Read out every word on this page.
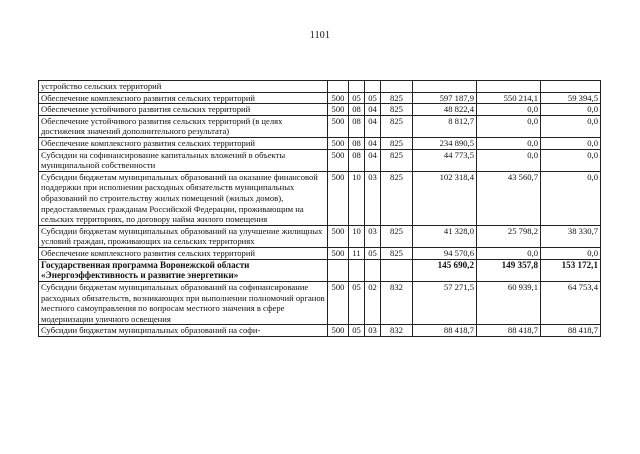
1101
устройство сельских территорий							
Обеспечение комплексного развития сельских территорий	500	05	05	825	597 187,9	550 214,1	59 394,5
Обеспечение устойчивого развития сельских территорий	500	08	04	825	48 822,4	0,0	0,0
Обеспечение устойчивого развития сельских территорий (в целях достижения значений дополнительного результата)	500	08	04	825	8 812,7	0,0	0,0
Обеспечение комплексного развития сельских территорий	500	08	04	825	234 890,5	0,0	0,0
Субсидии на софинансирование капитальных вложений в объекты муниципальной собственности	500	08	04	825	44 773,5	0,0	0,0
Субсидии бюджетам муниципальных образований на оказание финансовой поддержки при исполнении расходных обязательств муниципальных образований по строительству жилых помещений (жилых домов), предоставляемых гражданам Российской Федерации, проживающим на сельских территориях, по договору найма жилого помещения	500	10	03	825	102 318,4	43 560,7	0,0
Субсидии бюджетам муниципальных образований на улучшение жилищных условий граждан, проживающих на сельских территориях	500	10	03	825	41 328,0	25 798,2	38 330,7
Обеспечение комплексного развития сельских территорий	500	11	05	825	94 570,6	0,0	0,0
Государственная программа Воронежской области «Энергоэффективность и развитие энергетики»					145 690,2	149 357,8	153 172,1
Субсидии бюджетам муниципальных образований на софинансирование расходных обязательств, возникающих при выполнении полномочий органов местного самоуправления по вопросам местного значения в сфере модернизации уличного освещения	500	05	02	832	57 271,5	60 939,1	64 753,4
Субсидии бюджетам муниципальных образований на софи-	500	05	03	832	88 418,7	88 418,7	88 418,7
